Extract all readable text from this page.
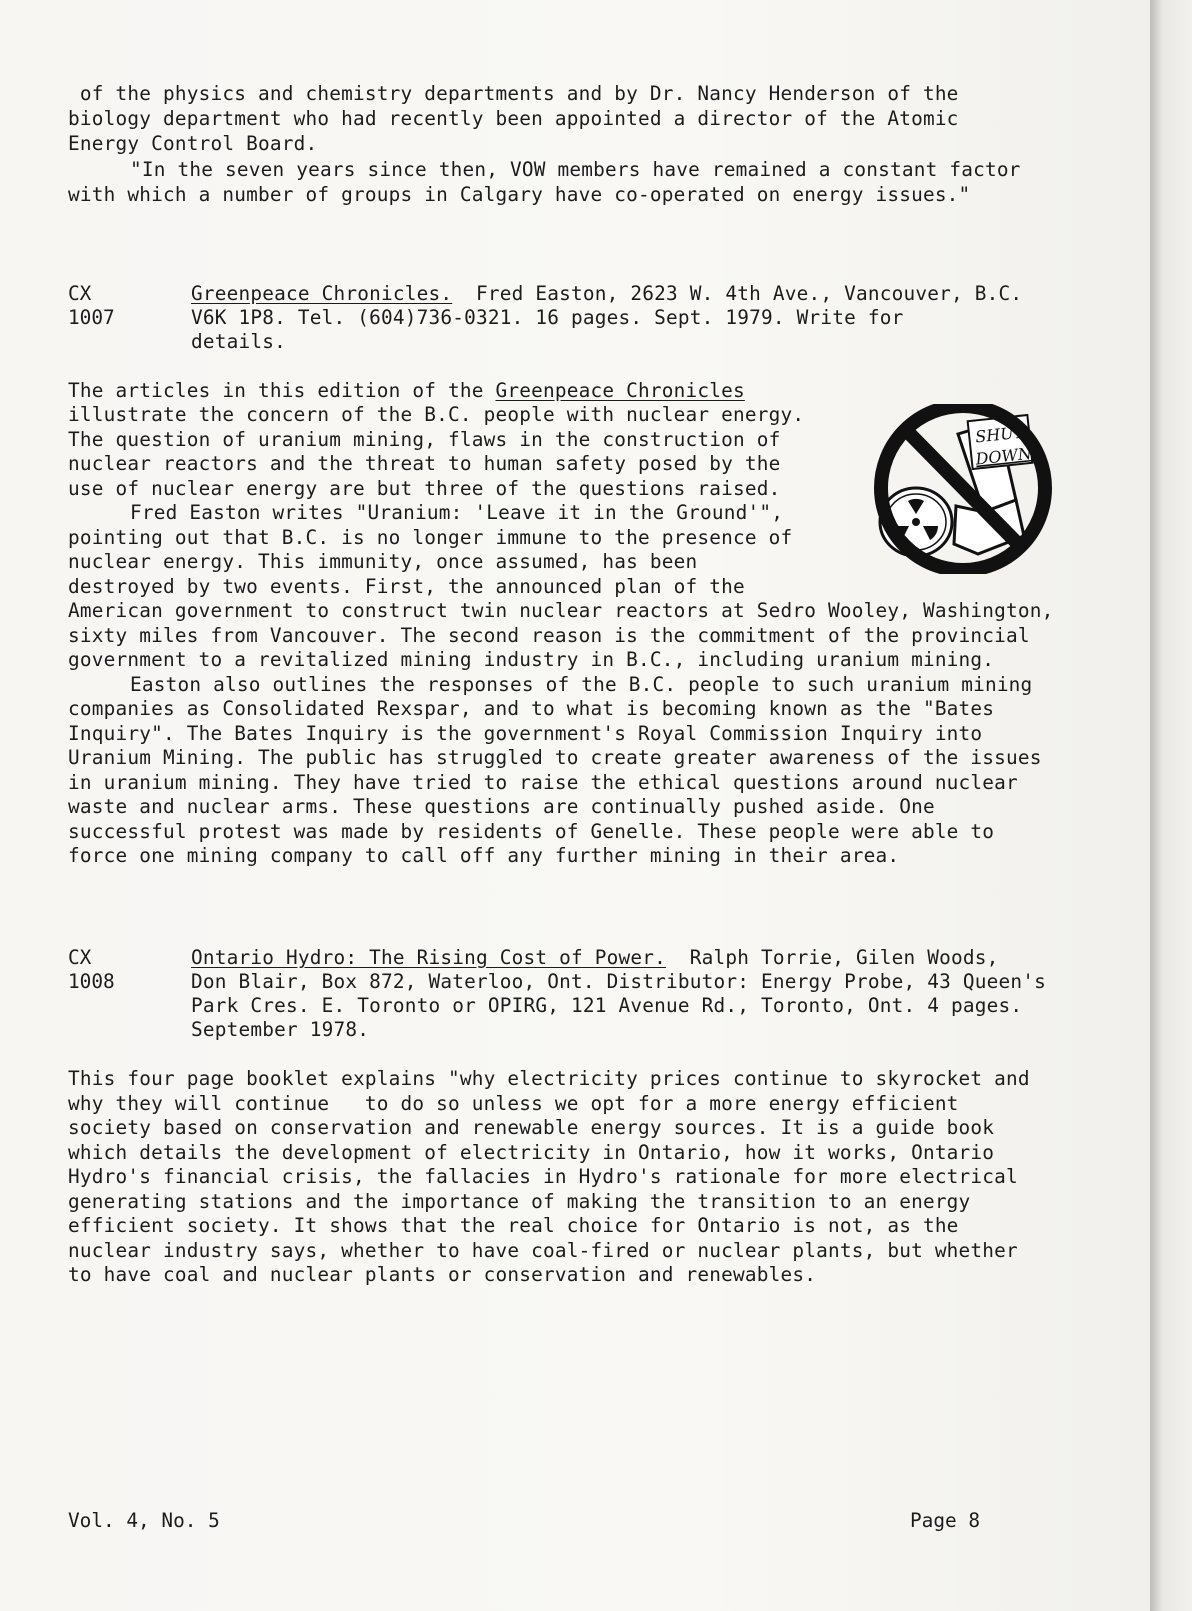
of the physics and chemistry departments and by Dr. Nancy Henderson of the
biology department who had recently been appointed a director of the Atomic
Energy Control Board.
"In the seven years since then, VOW members have remained a constant factor
with which a number of groups in Calgary have co-operated on energy issues."
CX
1007
Greenpeace Chronicles. Fred Easton, 2623 W. 4th Ave., Vancouver, B.C.
V6K 1P8. Tel. (604)736-0321. 16 pages. Sept. 1979. Write for
details.
The articles in this edition of the Greenpeace Chronicles
illustrate the concern of the B.C. people with nuclear energy.
The question of uranium mining, flaws in the construction of
nuclear reactors and the threat to human safety posed by the
use of nuclear energy are but three of the questions raised.
Fred Easton writes "Uranium: 'Leave it in the Ground'",
pointing out that B.C. is no longer immune to the presence of
nuclear energy. This immunity, once assumed, has been
destroyed by two events. First, the announced plan of the
American government to construct twin nuclear reactors at Sedro Wooley, Washington,
sixty miles from Vancouver. The second reason is the commitment of the provincial
government to a revitalized mining industry in B.C., including uranium mining.
Easton also outlines the responses of the B.C. people to such uranium mining
companies as Consolidated Rexspar, and to what is becoming known as the "Bates
Inquiry". The Bates Inquiry is the government's Royal Commission Inquiry into
Uranium Mining. The public has struggled to create greater awareness of the issues
in uranium mining. They have tried to raise the ethical questions around nuclear
waste and nuclear arms. These questions are continually pushed aside. One
successful protest was made by residents of Genelle. These people were able to
force one mining company to call off any further mining in their area.
SHUT
DOWN
CX
1008
Ontario Hydro: The Rising Cost of Power. Ralph Torrie, Gilen Woods,
Don Blair, Box 872, Waterloo, Ont. Distributor: Energy Probe, 43 Queen's
Park Cres. E. Toronto or OPIRG, 121 Avenue Rd., Toronto, Ont. 4 pages.
September 1978.
This four page booklet explains "why electricity prices continue to skyrocket and
why they will continue   to do so unless we opt for a more energy efficient
society based on conservation and renewable energy sources. It is a guide book
which details the development of electricity in Ontario, how it works, Ontario
Hydro's financial crisis, the fallacies in Hydro's rationale for more electrical
generating stations and the importance of making the transition to an energy
efficient society. It shows that the real choice for Ontario is not, as the
nuclear industry says, whether to have coal-fired or nuclear plants, but whether
to have coal and nuclear plants or conservation and renewables.
Vol. 4, No. 5	Page 8
